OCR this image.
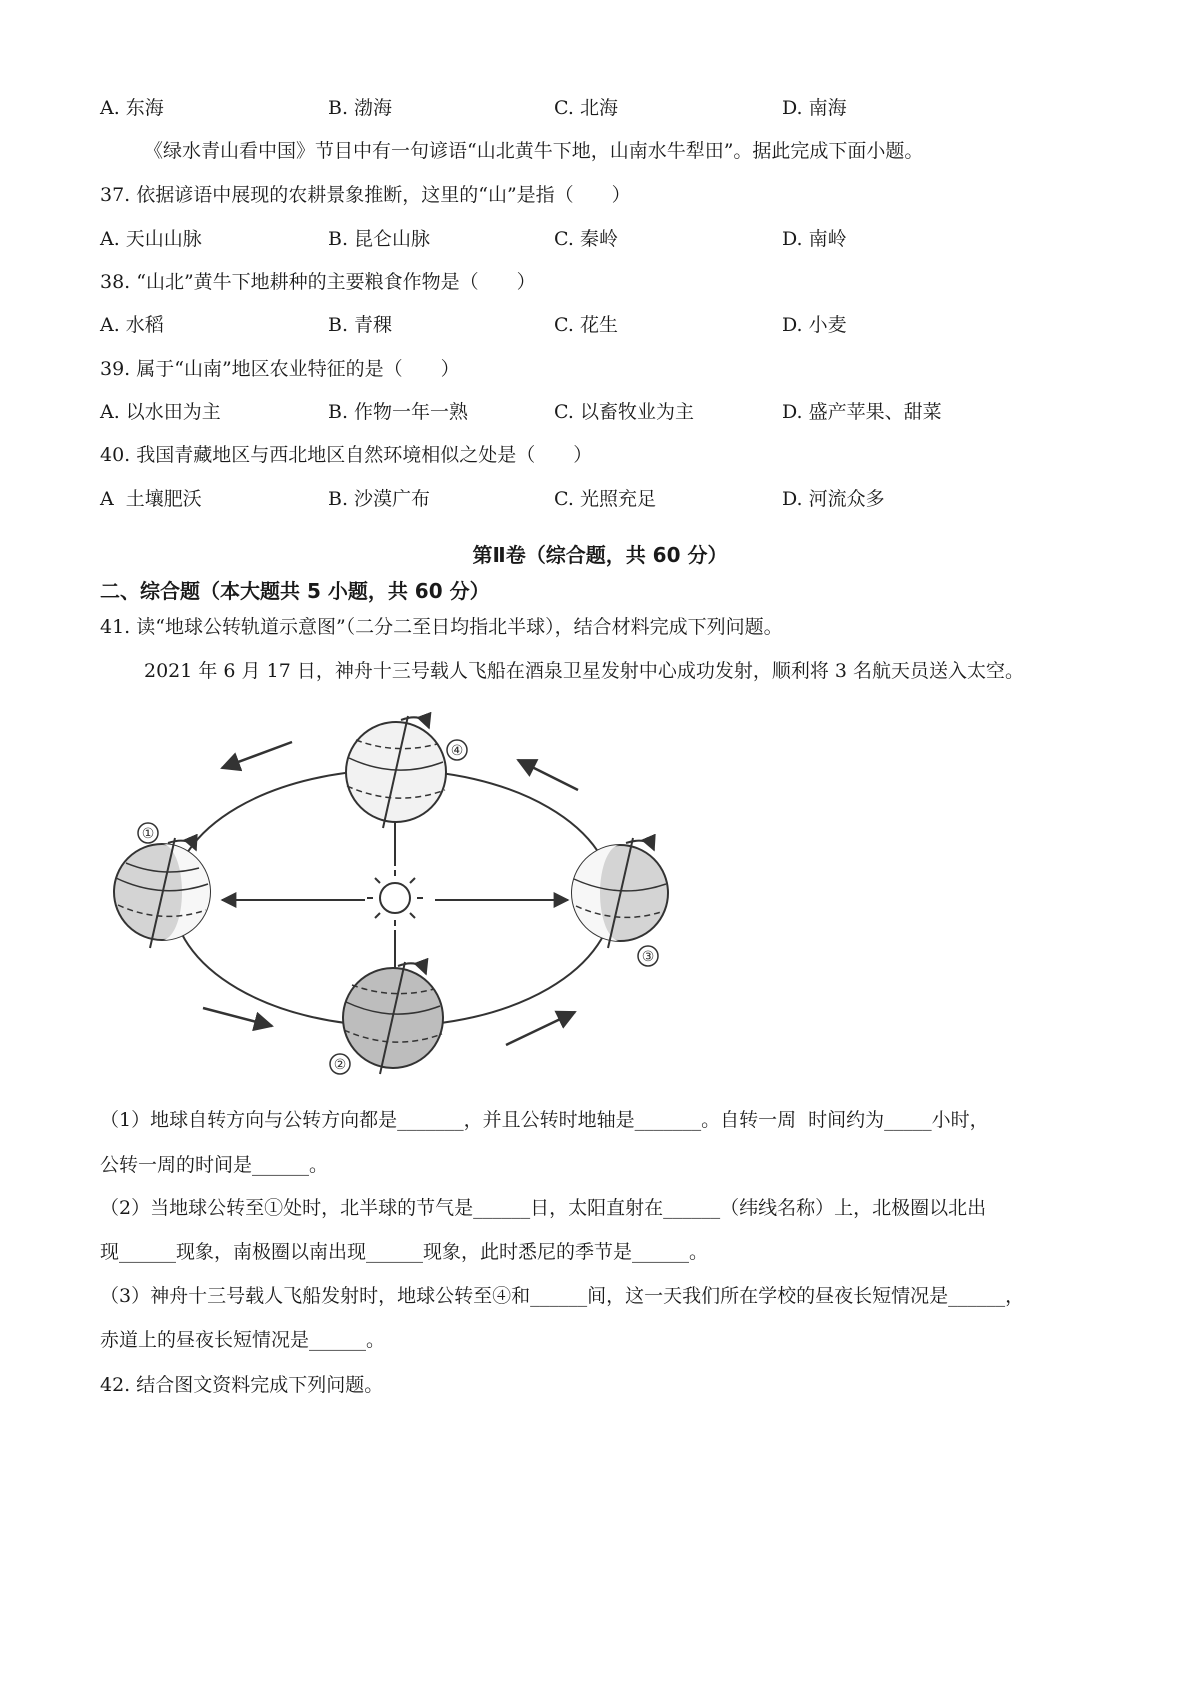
A. 东海	B. 渤海	C. 北海	D. 南海
《绿水青山看中国》节目中有一句谚语“山北黄牛下地，山南水牛犁田”。据此完成下面小题。
37. 依据谚语中展现的农耕景象推断，这里的“山”是指（　　）
A. 天山山脉	B. 昆仑山脉	C. 秦岭	D. 南岭
38. “山北”黄牛下地耕种的主要粮食作物是（　　）
A. 水稻	B. 青稞	C. 花生	D. 小麦
39. 属于“山南”地区农业特征的是（　　）
A. 以水田为主	B. 作物一年一熟	C. 以畜牧业为主	D. 盛产苹果、甜菜
40. 我国青藏地区与西北地区自然环境相似之处是（　　）
A  土壤肥沃	B. 沙漠广布	C. 光照充足	D. 河流众多
第Ⅱ卷（综合题，共 60 分）
二、综合题（本大题共 5 小题，共 60 分）
41. 读“地球公转轨道示意图”（二分二至日均指北半球），结合材料完成下列问题。
2021 年 6 月 17 日，神舟十三号载人飞船在酒泉卫星发射中心成功发射，顺利将 3 名航天员送入太空。
①
②
③
④
（1）地球自转方向与公转方向都是_______，并且公转时地轴是_______。自转一周  时间约为_____小时，
公转一周的时间是______。
（2）当地球公转至①处时，北半球的节气是______日，太阳直射在______（纬线名称）上，北极圈以北出
现______现象，南极圈以南出现______现象，此时悉尼的季节是______。
（3）神舟十三号载人飞船发射时，地球公转至④和______间，这一天我们所在学校的昼夜长短情况是______，
赤道上的昼夜长短情况是______。
42. 结合图文资料完成下列问题。
